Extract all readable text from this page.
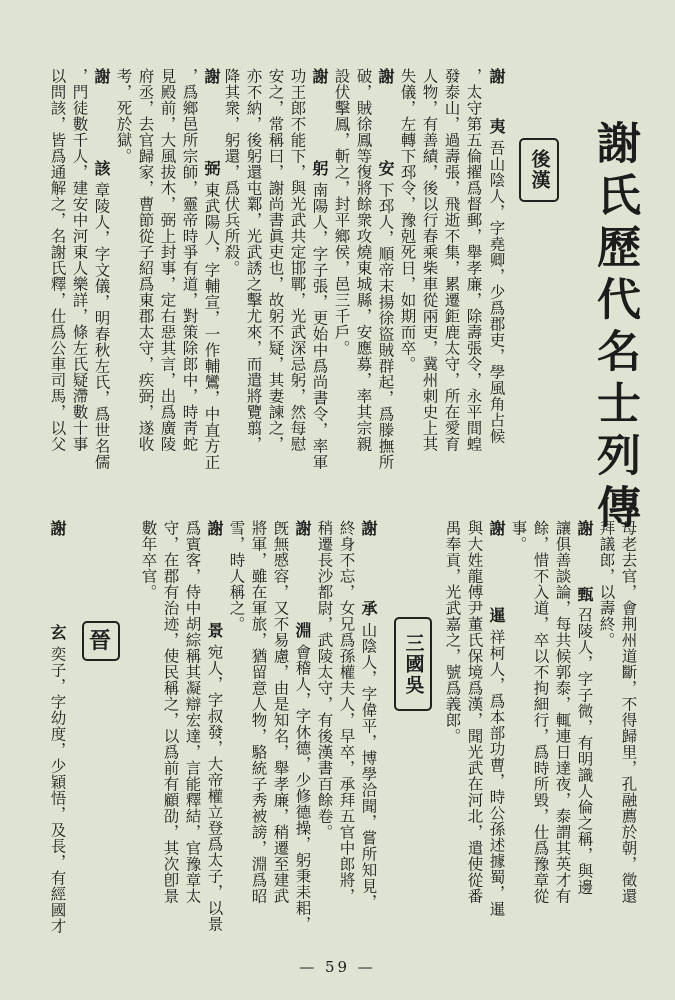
謝氏歷代名士列傳
後漢
三國吳
晉
謝
夷
吾山陰人，字堯卿，少爲郡吏，學風角占候
，太守第五倫擢爲督郵，舉孝廉，除壽張令，永平間蝗
發泰山，過壽張，飛逝不集，累遷鉅鹿太守，所在愛育
人物，有善績，後以行春乘柴車從兩吏，冀州刺史上其
失儀，左轉下邳令，豫剋死日，如期而卒。
謝
安
下邳人，順帝末揚徐盜賊群起，爲滕撫所
破，賊徐鳳等復將餘衆攻燒東城縣，安應募，率其宗親
設伏擊鳳，斬之，封平鄉侯，邑三千戶。
謝
躬
南陽人，字子張，更始中爲尚書令，率軍
功王郎不能下，與光武共定邯鄲，光武深忌躬，然每慰
安之，常稱曰，謝尚書眞吏也，故躬不疑，其妻諫之，
亦不納，後躬還屯鄴，光武誘之擊尤來，而遣將覽翦，
降其衆，躬還，爲伏兵所殺。
謝
弼
東武陽人，字輔宣，一作輔鸞，中直方正
，爲鄉邑所宗師，靈帝時爭有道，對策除郎中，時靑蛇
見殿前，大風拔木，弼上封事，定右惡其言，出爲廣陵
府丞，去官歸家，曹節從子紹爲東郡太守，疾弼，遂收
考，死於獄。
謝
該
章陵人，字文儀，明春秋左氏，爲世名儒
，門徒數千人，建安中河東人樂詳，條左氏疑滯數十事
以問該，皆爲通解之，名謝氏釋，仕爲公車司馬，以父
母老去官，會荆州道斷，不得歸里，孔融薦於朝，徵還
拜議郎，以壽終。
謝
甄
召陵人，字子微，有明識人倫之稱，與邊
讓俱善談論，每共候郭泰，輒連日達夜，泰謂其英才有
餘，惜不入道，卒以不拘細行，爲時所毀，仕爲豫章從
事。
謝
暹
祥柯人，爲本部功曹，時公孫述據蜀，暹
與大姓龍傅尹董氏保境爲漢，聞光武在河北，遣使從番
禺奉貢，光武嘉之，號爲義郎。
謝
承
山陰人，字偉平，博學洽聞，嘗所知見，
終身不忘，女兄爲孫權夫人，早卒，承拜五官中郎將，
稍遷長沙都尉，武陵太守，有後漢書百餘卷。
謝
淵
會稽人，字休德，少修德操，躬秉耒耜，
旣無慼容，又不易慮，由是知名，舉孝廉，稍遷至建武
將軍，雖在軍旅，猶留意人物，駱統子秀被謗，淵爲昭
雪，時人稱之。
謝
景
宛人，字叔發，大帝權立登爲太子，以景
爲賓客，侍中胡綜稱其凝辯宏達，言能釋結，官豫章太
守，在郡有治迹，使民稱之，以爲前有顧劭，其次卽景
數年卒官。
謝
玄
奕子，字幼度，少穎悟，及長，有經國才
— 59 —
